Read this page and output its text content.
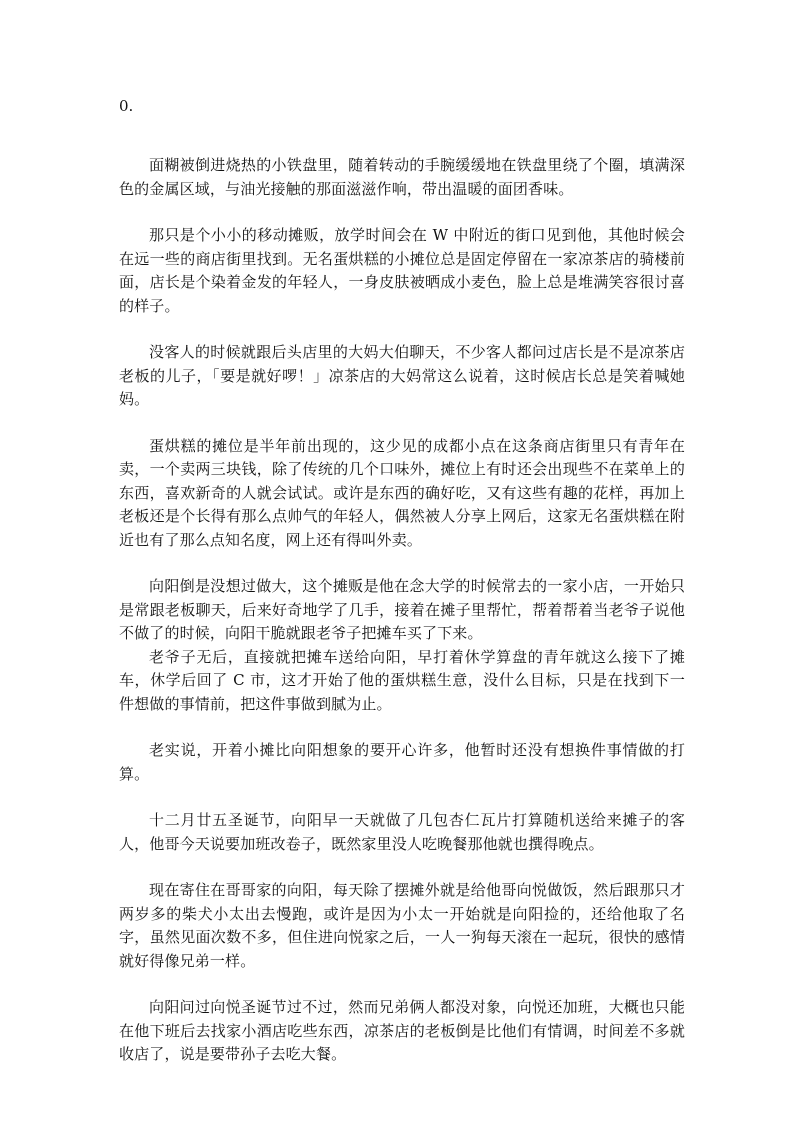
0.

面糊被倒进烧热的小铁盘里，随着转动的手腕缓缓地在铁盘里绕了个圈，填满深色的金属区域，与油光接触的那面滋滋作响，带出温暖的面团香味。

那只是个小小的移动摊贩，放学时间会在 W 中附近的街口见到他，其他时候会在远一些的商店街里找到。无名蛋烘糕的小摊位总是固定停留在一家凉茶店的骑楼前面，店长是个染着金发的年轻人，一身皮肤被晒成小麦色，脸上总是堆满笑容很讨喜的样子。

没客人的时候就跟后头店里的大妈大伯聊天，不少客人都问过店长是不是凉茶店老板的儿子，「要是就好啰！」凉茶店的大妈常这么说着，这时候店长总是笑着喊她妈。

蛋烘糕的摊位是半年前出现的，这少见的成都小点在这条商店街里只有青年在卖，一个卖两三块钱，除了传统的几个口味外，摊位上有时还会出现些不在菜单上的东西，喜欢新奇的人就会试试。或许是东西的确好吃，又有这些有趣的花样，再加上老板还是个长得有那么点帅气的年轻人，偶然被人分享上网后，这家无名蛋烘糕在附近也有了那么点知名度，网上还有得叫外卖。

向阳倒是没想过做大，这个摊贩是他在念大学的时候常去的一家小店，一开始只是常跟老板聊天，后来好奇地学了几手，接着在摊子里帮忙，帮着帮着当老爷子说他不做了的时候，向阳干脆就跟老爷子把摊车买了下来。

老爷子无后，直接就把摊车送给向阳，早打着休学算盘的青年就这么接下了摊车，休学后回了 C 市，这才开始了他的蛋烘糕生意，没什么目标，只是在找到下一件想做的事情前，把这件事做到腻为止。

老实说，开着小摊比向阳想象的要开心许多，他暂时还没有想换件事情做的打算。

十二月廿五圣诞节，向阳早一天就做了几包杏仁瓦片打算随机送给来摊子的客人，他哥今天说要加班改卷子，既然家里没人吃晚餐那他就也撰得晚点。

现在寄住在哥哥家的向阳，每天除了摆摊外就是给他哥向悦做饭，然后跟那只才两岁多的柴犬小太出去慢跑，或许是因为小太一开始就是向阳捡的，还给他取了名字，虽然见面次数不多，但住进向悦家之后，一人一狗每天滚在一起玩，很快的感情就好得像兄弟一样。

向阳问过向悦圣诞节过不过，然而兄弟俩人都没对象，向悦还加班，大概也只能在他下班后去找家小酒店吃些东西，凉茶店的老板倒是比他们有情调，时间差不多就收店了，说是要带孙子去吃大餐。
